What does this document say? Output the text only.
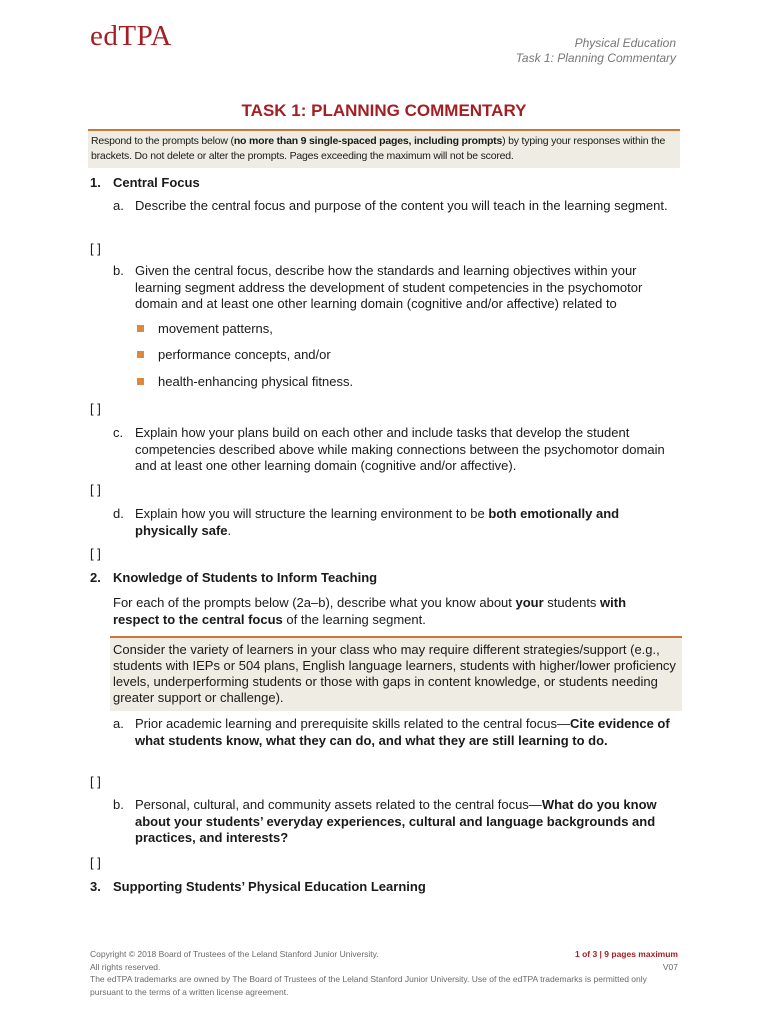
edTPA	Physical Education
Task 1: Planning Commentary
TASK 1: PLANNING COMMENTARY
Respond to the prompts below (no more than 9 single-spaced pages, including prompts) by typing your responses within the brackets. Do not delete or alter the prompts. Pages exceeding the maximum will not be scored.
1. Central Focus
a. Describe the central focus and purpose of the content you will teach in the learning segment.
[ ]
b. Given the central focus, describe how the standards and learning objectives within your learning segment address the development of student competencies in the psychomotor domain and at least one other learning domain (cognitive and/or affective) related to
movement patterns,
performance concepts, and/or
health-enhancing physical fitness.
[ ]
c. Explain how your plans build on each other and include tasks that develop the student competencies described above while making connections between the psychomotor domain and at least one other learning domain (cognitive and/or affective).
[ ]
d. Explain how you will structure the learning environment to be both emotionally and physically safe.
[ ]
2. Knowledge of Students to Inform Teaching
For each of the prompts below (2a–b), describe what you know about your students with respect to the central focus of the learning segment.
Consider the variety of learners in your class who may require different strategies/support (e.g., students with IEPs or 504 plans, English language learners, students with higher/lower proficiency levels, underperforming students or those with gaps in content knowledge, or students needing greater support or challenge).
a. Prior academic learning and prerequisite skills related to the central focus—Cite evidence of what students know, what they can do, and what they are still learning to do.
[ ]
b. Personal, cultural, and community assets related to the central focus—What do you know about your students’ everyday experiences, cultural and language backgrounds and practices, and interests?
[ ]
3. Supporting Students’ Physical Education Learning
Copyright © 2018 Board of Trustees of the Leland Stanford Junior University.
All rights reserved.
The edTPA trademarks are owned by The Board of Trustees of the Leland Stanford Junior University. Use of the edTPA trademarks is permitted only pursuant to the terms of a written license agreement.
1 of 3 | 9 pages maximum
V07
